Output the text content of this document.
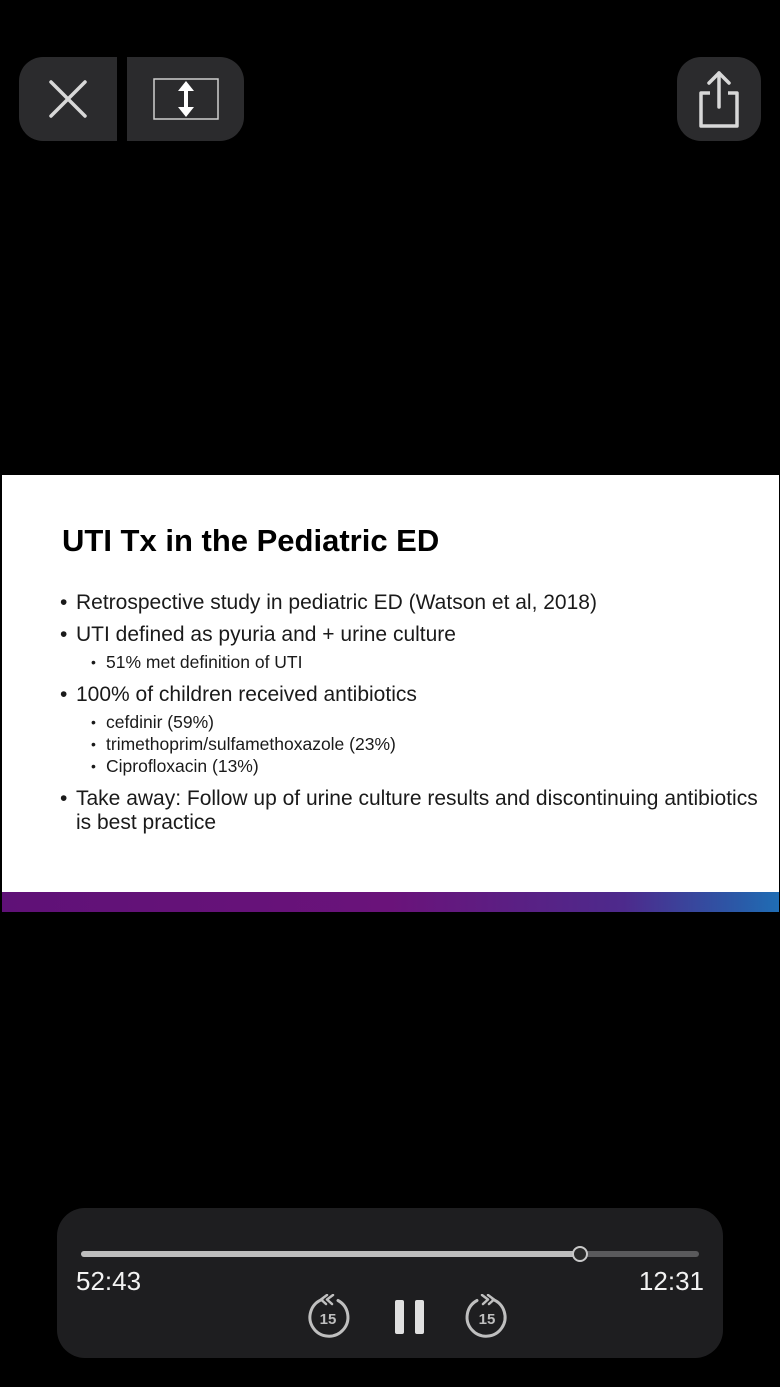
UTI Tx in the Pediatric ED
• Retrospective study in pediatric ED (Watson et al, 2018)
• UTI defined as pyuria and + urine culture
• 51% met definition of UTI
• 100% of children received antibiotics
• cefdinir (59%)
• trimethoprim/sulfamethoxazole (23%)
• Ciprofloxacin (13%)
• Take away: Follow up of urine culture results and discontinuing antibiotics is best practice
52:43	12:31
15	15
